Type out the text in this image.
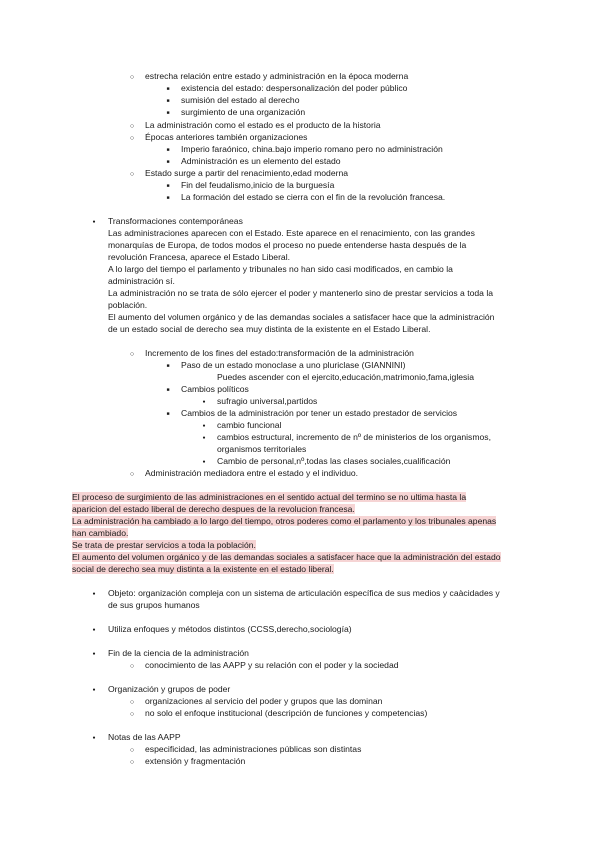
○
estrecha relación entre estado y administración en la época moderna
■
existencia del estado: despersonalización del poder público
■
sumisión del estado al derecho
■
surgimiento de una organización
○
La administración como el estado es el producto de la historia
○
Épocas anteriores también organizaciones
■
Imperio faraónico, china.bajo imperio romano pero no administración
■
Administración es un elemento del estado
○
Estado surge a partir del renacimiento,edad moderna
■
Fin del feudalismo,inicio de la burguesía
■
La formación del estado se cierra con el fin de la revolución francesa.
●
Transformaciones contemporáneas
Las administraciones aparecen con el Estado. Este aparece en el renacimiento, con las grandes
monarquías de Europa, de todos modos el proceso no puede entenderse hasta después de la
revolución Francesa, aparece el Estado Liberal.
A lo largo del tiempo el parlamento y tribunales no han sido casi modificados, en cambio la
administración sí.
La administración no se trata de sólo ejercer el poder y mantenerlo sino de prestar servicios a toda la
población.
El aumento del volumen orgánico y de las demandas sociales a satisfacer hace que la administración
de un estado social de derecho sea muy distinta de la existente en el Estado Liberal.
○
Incremento de los fines del estado:transformación de la administración
■
Paso de un estado monoclase a uno pluriclase (GIANNINI)
Puedes ascender con el ejercito,educación,matrimonio,fama,iglesia
■
Cambios políticos
●
sufragio universal,partidos
■
Cambios de la administración por tener un estado prestador de servicios
●
cambio funcional
●
cambios estructural, incremento de nº de ministerios de los organismos,
organismos territoriales
●
Cambio de personal,nº,todas las clases sociales,cualificación
○
Administración mediadora entre el estado y el individuo.
El proceso de surgimiento de las administraciones en el sentido actual del termino se no ultima hasta la
aparicion del estado liberal de derecho despues de la revolucion francesa.
La administración ha cambiado a lo largo del tiempo, otros poderes como el parlamento y los tribunales apenas
han cambiado.
Se trata de prestar servicios a toda la población.
El aumento del volumen orgánico y de las demandas sociales a satisfacer hace que la administración del estado
social de derecho sea muy distinta a la existente en el estado liberal.
●
Objeto: organización compleja con un sistema de articulación específica de sus medios y caàcidades y
de sus grupos humanos
●
Utiliza enfoques y métodos distintos (CCSS,derecho,sociología)
●
Fin de la ciencia de la administración
○
conocimiento de las AAPP y su relación con el poder y la sociedad
●
Organización y grupos de poder
○
organizaciones al servicio del poder y grupos que las dominan
○
no solo el enfoque institucional (descripción de funciones y competencias)
●
Notas de las AAPP
○
especificidad, las administraciones públicas son distintas
○
extensión y fragmentación
